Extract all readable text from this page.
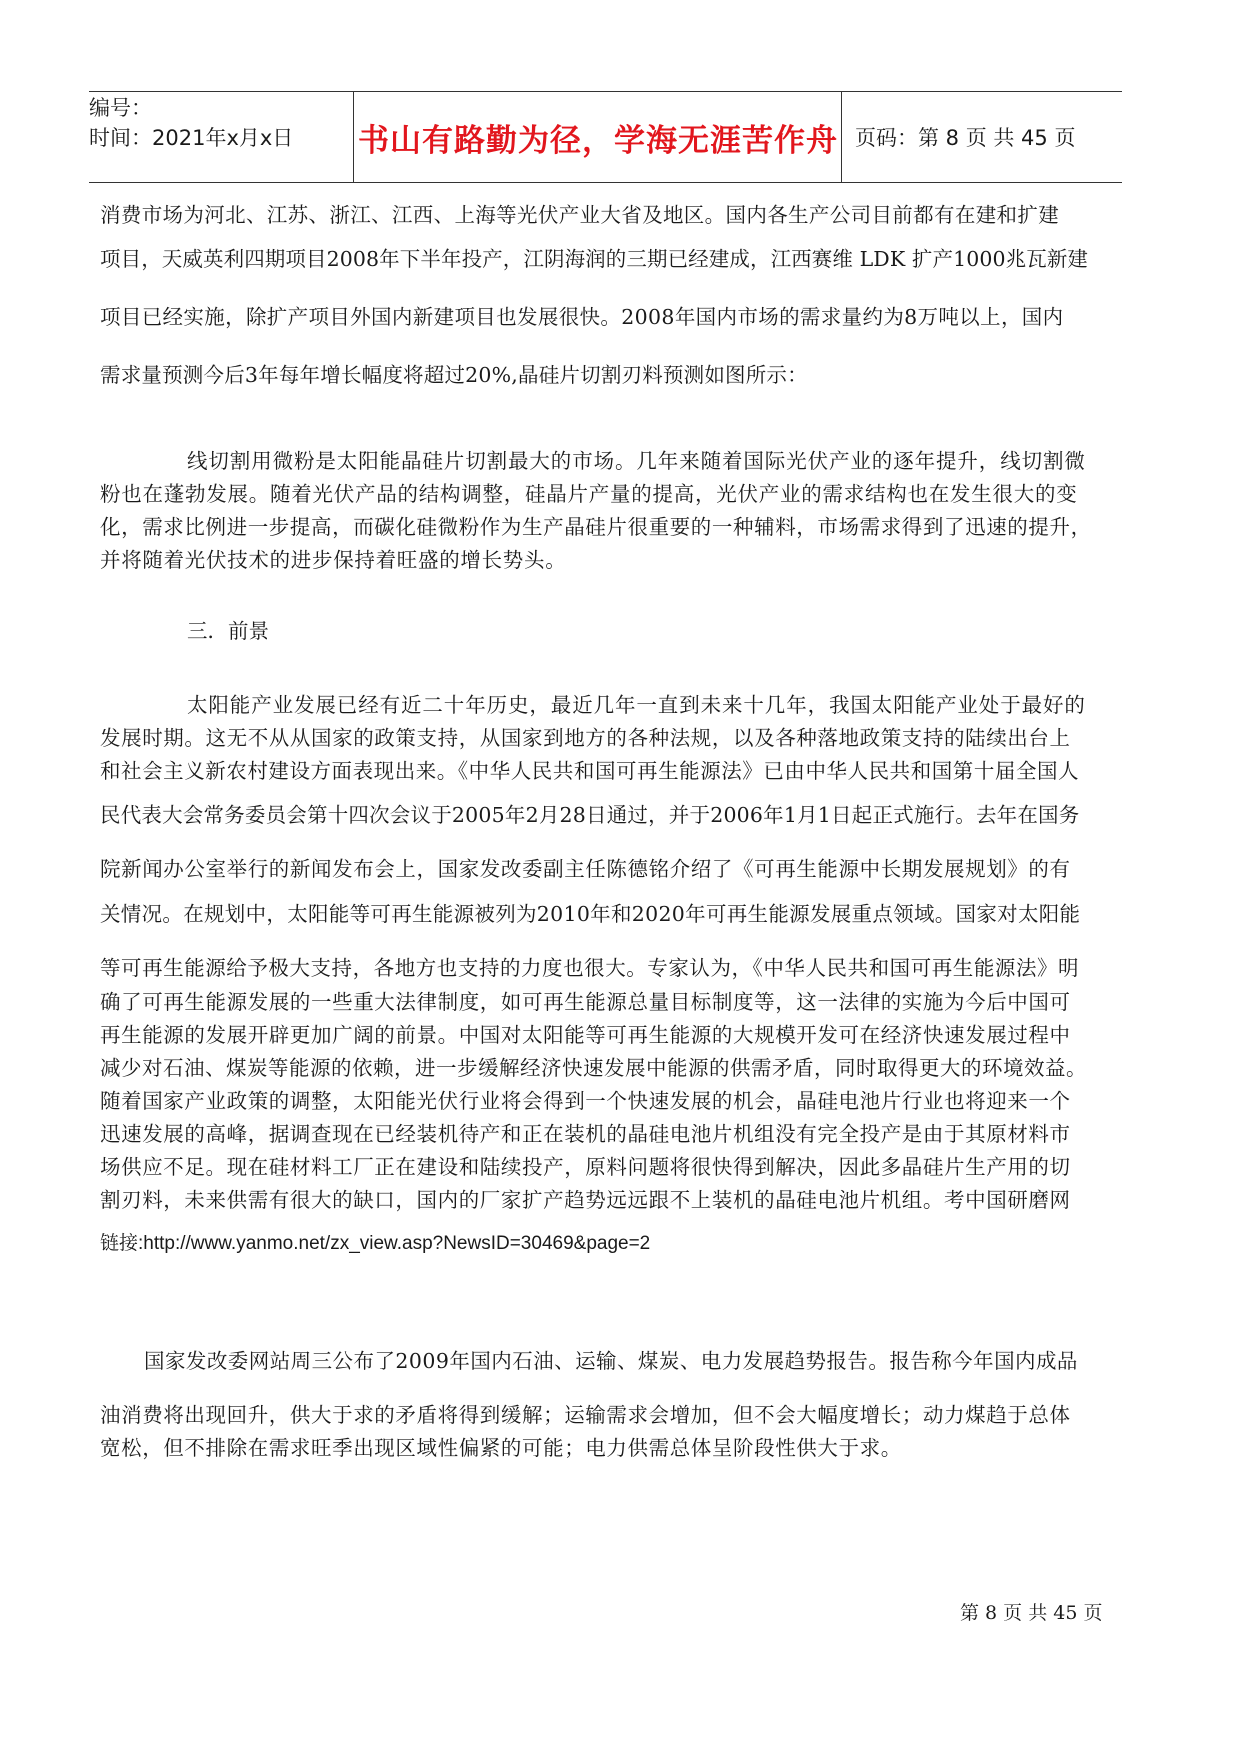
编号：
时间：2021年x月x日	书山有路勤为径，学海无涯苦作舟 页码：第 8 页 共 45 页
消费市场为河北、江苏、浙江、江西、上海等光伏产业大省及地区。国内各生产公司目前都有在建和扩建
项目，天威英利四期项目2008年下半年投产，江阴海润的三期已经建成，江西赛维 LDK 扩产1000兆瓦新建
项目已经实施，除扩产项目外国内新建项目也发展很快。2008年国内市场的需求量约为8万吨以上，国内
需求量预测今后3年每年增长幅度将超过20%,晶硅片切割刃料预测如图所示：
线切割用微粉是太阳能晶硅片切割最大的市场。几年来随着国际光伏产业的逐年提升，线切割微
粉也在蓬勃发展。随着光伏产品的结构调整，硅晶片产量的提高，光伏产业的需求结构也在发生很大的变
化，需求比例进一步提高，而碳化硅微粉作为生产晶硅片很重要的一种辅料，市场需求得到了迅速的提升，
并将随着光伏技术的进步保持着旺盛的增长势头。
三．前景
太阳能产业发展已经有近二十年历史，最近几年一直到未来十几年，我国太阳能产业处于最好的
发展时期。这无不从从国家的政策支持，从国家到地方的各种法规，以及各种落地政策支持的陆续出台上
和社会主义新农村建设方面表现出来。《中华人民共和国可再生能源法》已由中华人民共和国第十届全国人
民代表大会常务委员会第十四次会议于2005年2月28日通过，并于2006年1月1日起正式施行。去年在国务
院新闻办公室举行的新闻发布会上，国家发改委副主任陈德铭介绍了《可再生能源中长期发展规划》的有
关情况。在规划中，太阳能等可再生能源被列为2010年和2020年可再生能源发展重点领域。国家对太阳能
等可再生能源给予极大支持，各地方也支持的力度也很大。专家认为，《中华人民共和国可再生能源法》明
确了可再生能源发展的一些重大法律制度，如可再生能源总量目标制度等，这一法律的实施为今后中国可
再生能源的发展开辟更加广阔的前景。中国对太阳能等可再生能源的大规模开发可在经济快速发展过程中
减少对石油、煤炭等能源的依赖，进一步缓解经济快速发展中能源的供需矛盾，同时取得更大的环境效益。
随着国家产业政策的调整，太阳能光伏行业将会得到一个快速发展的机会，晶硅电池片行业也将迎来一个
迅速发展的高峰，据调查现在已经装机待产和正在装机的晶硅电池片机组没有完全投产是由于其原材料市
场供应不足。现在硅材料工厂正在建设和陆续投产，原料问题将很快得到解决，因此多晶硅片生产用的切
割刃料，未来供需有很大的缺口，国内的厂家扩产趋势远远跟不上装机的晶硅电池片机组。考中国研磨网
链接:http://www.yanmo.net/zx_view.asp?NewsID=30469&page=2
国家发改委网站周三公布了2009年国内石油、运输、煤炭、电力发展趋势报告。报告称今年国内成品
油消费将出现回升，供大于求的矛盾将得到缓解；运输需求会增加，但不会大幅度增长；动力煤趋于总体
宽松，但不排除在需求旺季出现区域性偏紧的可能；电力供需总体呈阶段性供大于求。
第 8 页 共 45 页
